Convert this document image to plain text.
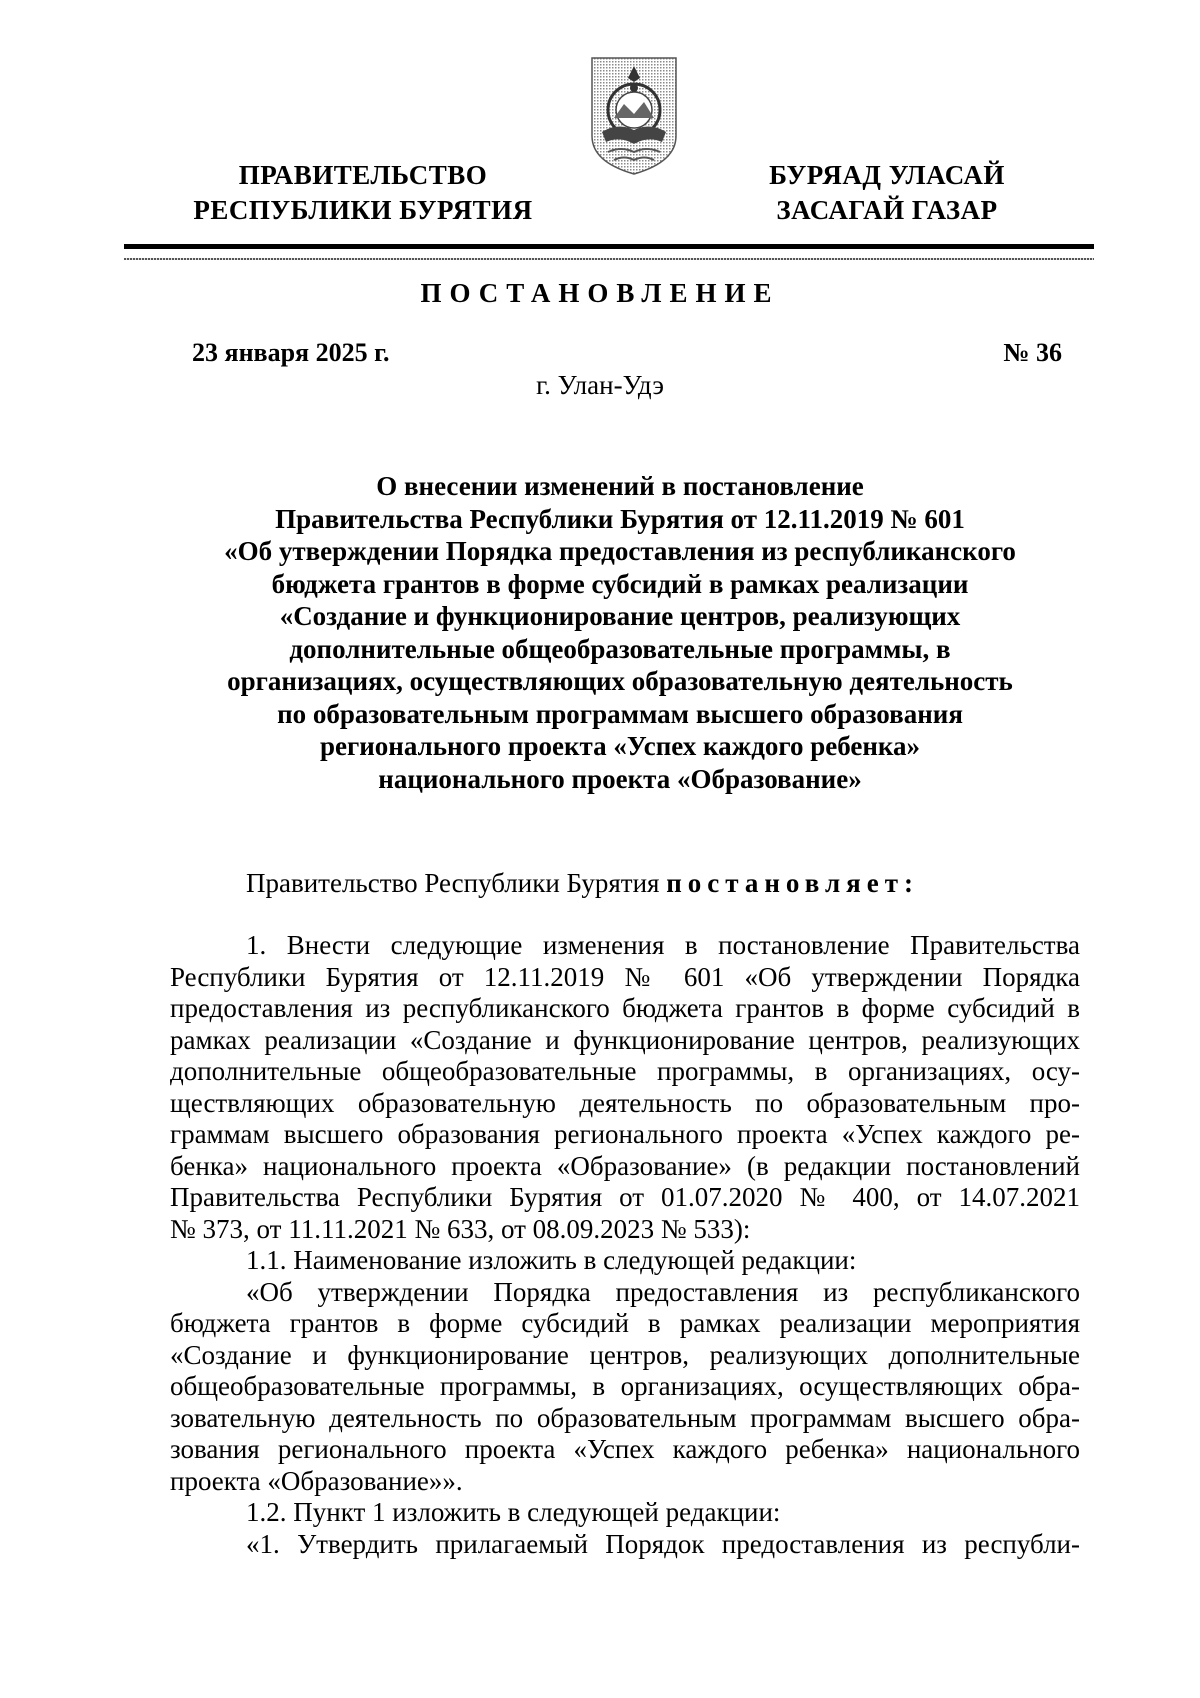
ПРАВИТЕЛЬСТВО
РЕСПУБЛИКИ БУРЯТИЯ
БУРЯАД УЛАСАЙ
ЗАСАГАЙ ГАЗАР
ПОСТАНОВЛЕНИЕ
23 января 2025 г.	№ 36
г. Улан-Удэ
О внесении изменений в постановление
Правительства Республики Бурятия от 12.11.2019 № 601
«Об утверждении Порядка предоставления из республиканского
бюджета грантов в форме субсидий в рамках реализации
«Создание и функционирование центров, реализующих
дополнительные общеобразовательные программы, в
организациях, осуществляющих образовательную деятельность
по образовательным программам высшего образования
регионального проекта «Успех каждого ребенка»
национального проекта «Образование»
Правительство Республики Бурятия постановляет:
1. Внести следующие изменения в постановление Правительства
Республики Бурятия от 12.11.2019 № 601 «Об утверждении Порядка
предоставления из республиканского бюджета грантов в форме субсидий в
рамках реализации «Создание и функционирование центров, реализующих
дополнительные общеобразовательные программы, в организациях, осу-
ществляющих образовательную деятельность по образовательным про-
граммам высшего образования регионального проекта «Успех каждого ре-
бенка» национального проекта «Образование» (в редакции постановлений
Правительства Республики Бурятия от 01.07.2020 № 400, от 14.07.2021
№ 373, от 11.11.2021 № 633, от 08.09.2023 № 533):
1.1. Наименование изложить в следующей редакции:
«Об утверждении Порядка предоставления из республиканского
бюджета грантов в форме субсидий в рамках реализации мероприятия
«Создание и функционирование центров, реализующих дополнительные
общеобразовательные программы, в организациях, осуществляющих обра-
зовательную деятельность по образовательным программам высшего обра-
зования регионального проекта «Успех каждого ребенка» национального
проекта «Образование»».
1.2. Пункт 1 изложить в следующей редакции:
«1. Утвердить прилагаемый Порядок предоставления из республи-
